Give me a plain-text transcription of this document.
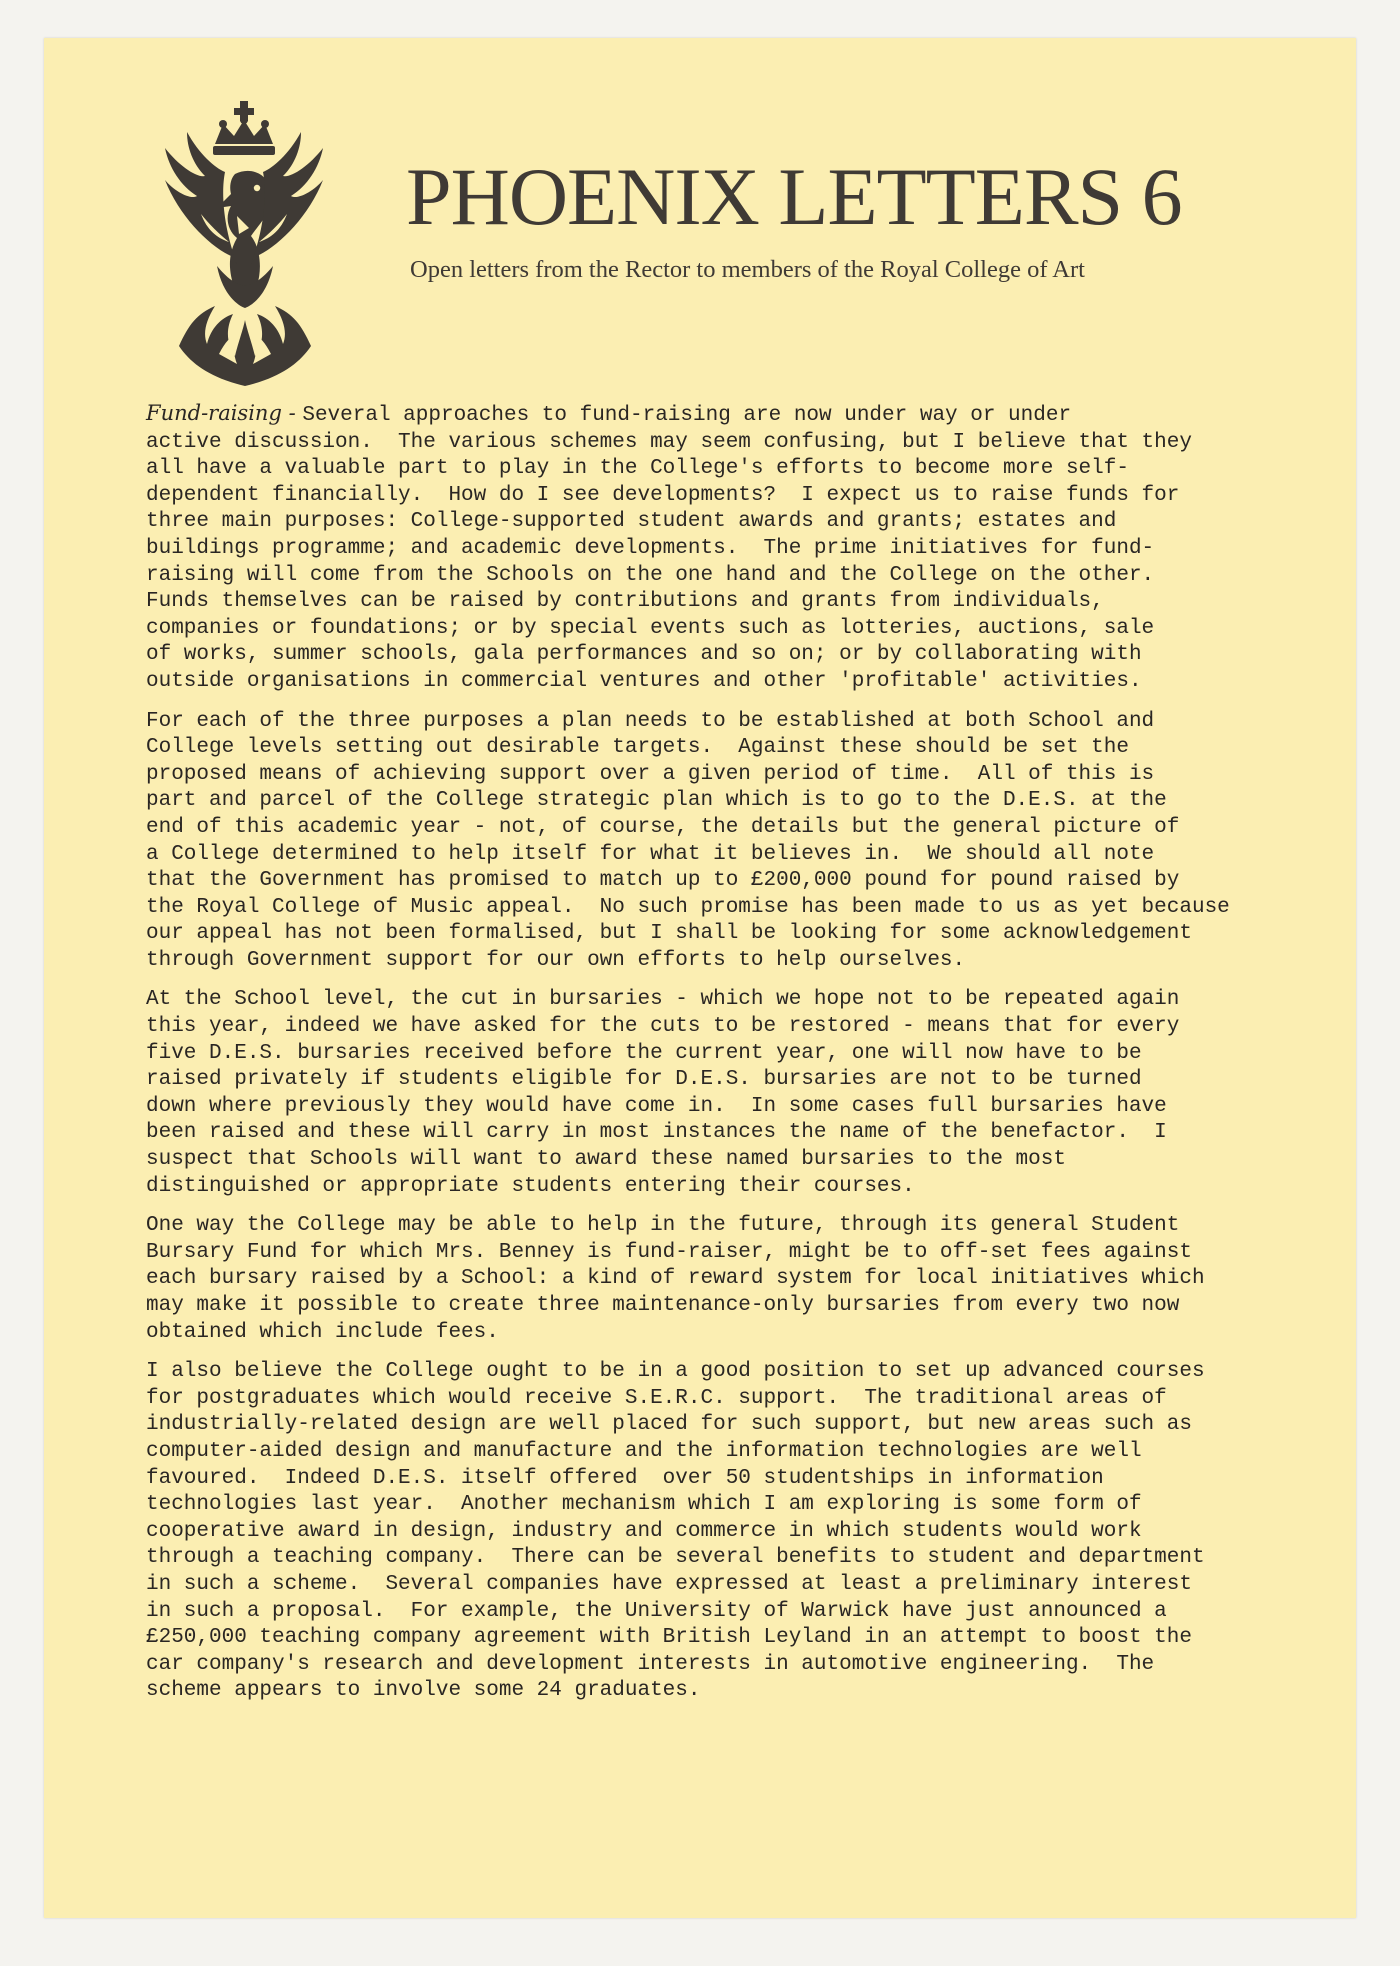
PHOENIX LETTERS 6
Open letters from the Rector to members of the Royal College of Art

Fund-raising - Several approaches to fund-raising are now under way or under
active discussion.  The various schemes may seem confusing, but I believe that they
all have a valuable part to play in the College's efforts to become more self-
dependent financially.  How do I see developments?  I expect us to raise funds for
three main purposes: College-supported student awards and grants; estates and
buildings programme; and academic developments.  The prime initiatives for fund-
raising will come from the Schools on the one hand and the College on the other.
Funds themselves can be raised by contributions and grants from individuals,
companies or foundations; or by special events such as lotteries, auctions, sale
of works, summer schools, gala performances and so on; or by collaborating with
outside organisations in commercial ventures and other 'profitable' activities.

For each of the three purposes a plan needs to be established at both School and
College levels setting out desirable targets.  Against these should be set the
proposed means of achieving support over a given period of time.  All of this is
part and parcel of the College strategic plan which is to go to the D.E.S. at the
end of this academic year - not, of course, the details but the general picture of
a College determined to help itself for what it believes in.  We should all note
that the Government has promised to match up to £200,000 pound for pound raised by
the Royal College of Music appeal.  No such promise has been made to us as yet because
our appeal has not been formalised, but I shall be looking for some acknowledgement
through Government support for our own efforts to help ourselves.

At the School level, the cut in bursaries - which we hope not to be repeated again
this year, indeed we have asked for the cuts to be restored - means that for every
five D.E.S. bursaries received before the current year, one will now have to be
raised privately if students eligible for D.E.S. bursaries are not to be turned
down where previously they would have come in.  In some cases full bursaries have
been raised and these will carry in most instances the name of the benefactor.  I
suspect that Schools will want to award these named bursaries to the most
distinguished or appropriate students entering their courses.

One way the College may be able to help in the future, through its general Student
Bursary Fund for which Mrs. Benney is fund-raiser, might be to off-set fees against
each bursary raised by a School: a kind of reward system for local initiatives which
may make it possible to create three maintenance-only bursaries from every two now
obtained which include fees.

I also believe the College ought to be in a good position to set up advanced courses
for postgraduates which would receive S.E.R.C. support.  The traditional areas of
industrially-related design are well placed for such support, but new areas such as
computer-aided design and manufacture and the information technologies are well
favoured.  Indeed D.E.S. itself offered  over 50 studentships in information
technologies last year.  Another mechanism which I am exploring is some form of
cooperative award in design, industry and commerce in which students would work
through a teaching company.  There can be several benefits to student and department
in such a scheme.  Several companies have expressed at least a preliminary interest
in such a proposal.  For example, the University of Warwick have just announced a
£250,000 teaching company agreement with British Leyland in an attempt to boost the
car company's research and development interests in automotive engineering.  The
scheme appears to involve some 24 graduates.
